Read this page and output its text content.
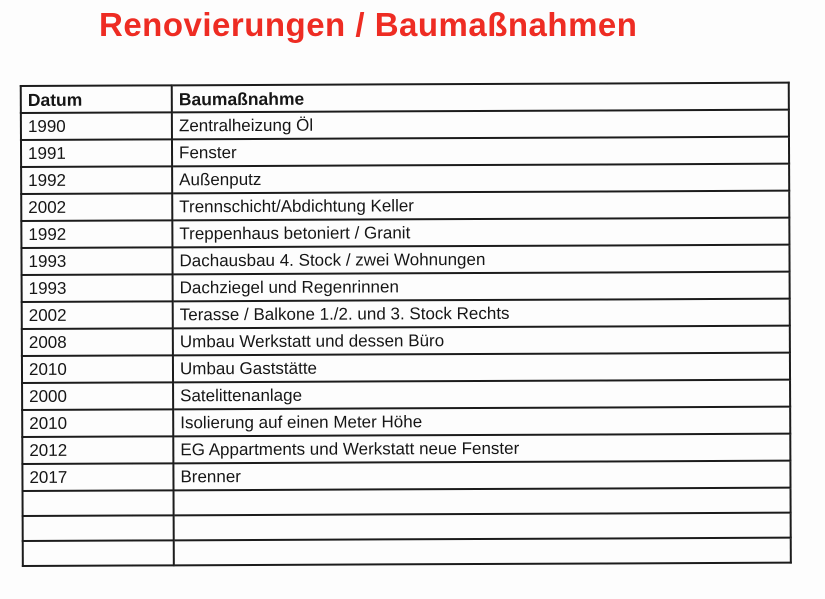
Renovierungen / Baumaßnahmen
Datum	Baumaßnahme
1990	Zentralheizung Öl
1991	Fenster
1992	Außenputz
2002	Trennschicht/Abdichtung Keller
1992	Treppenhaus betoniert / Granit
1993	Dachausbau 4. Stock / zwei Wohnungen
1993	Dachziegel und Regenrinnen
2002	Terasse / Balkone 1./2. und 3. Stock Rechts
2008	Umbau Werkstatt und dessen Büro
2010	Umbau Gaststätte
2000	Satelittenanlage
2010	Isolierung auf einen Meter Höhe
2012	EG Appartments und Werkstatt neue Fenster
2017	Brenner
